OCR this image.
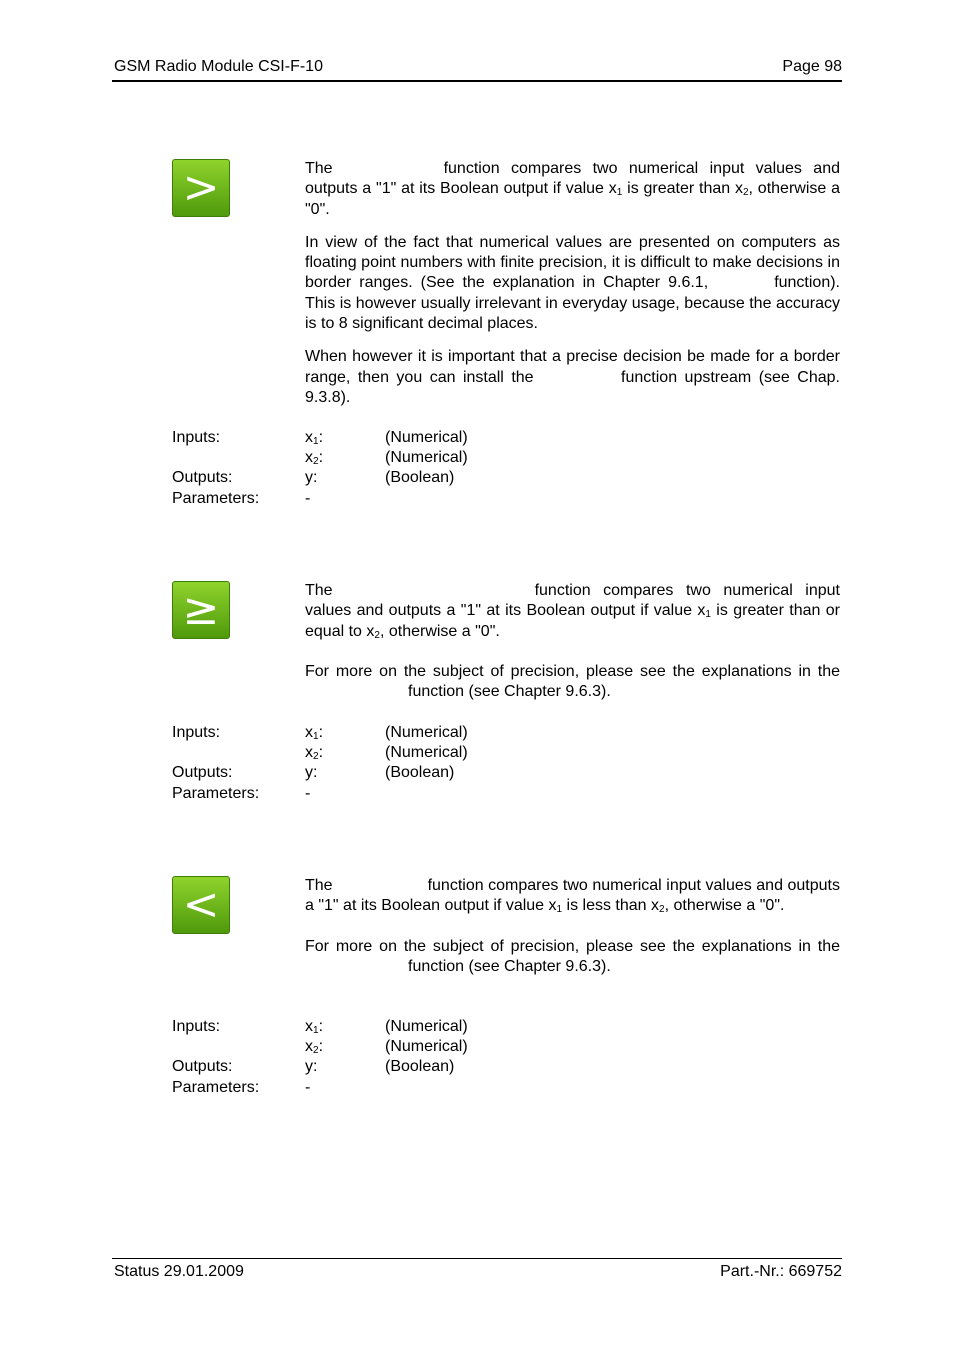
GSM Radio Module CSI-F-10	Page 98
>	The	function compares two numerical input values and outputs a "1" at its Boolean output if value $x_1$ is greater than $x_2$, otherwise a "0".

In view of the fact that numerical values are presented on computers as floating point numbers with finite precision, it is difficult to make decisions in border ranges. (See the explanation in Chapter 9.6.1,	function). This is however usually irrelevant in everyday usage, because the accuracy is to 8 significant decimal places.

When however it is important that a precise decision be made for a border range, then you can install the	function upstream (see Chap. 9.3.8).

Inputs:	$x_1$:	(Numerical)
$x_2$:	(Numerical)
Outputs:	y:	(Boolean)
Parameters:	-
≥	The	function compares two numerical input values and outputs a "1" at its Boolean output if value $x_1$ is greater than or equal to $x_2$, otherwise a "0".

For more on the subject of precision, please see the explanations in the function (see Chapter 9.6.3).

Inputs:	$x_1$:	(Numerical)
$x_2$:	(Numerical)
Outputs:	y:	(Boolean)
Parameters:	-
<	The	function compares two numerical input values and outputs a "1" at its Boolean output if value $x_1$ is less than $x_2$, otherwise a "0".

For more on the subject of precision, please see the explanations in the function (see Chapter 9.6.3).

Inputs:	$x_1$:	(Numerical)
$x_2$:	(Numerical)
Outputs:	y:	(Boolean)
Parameters:	-
Status 29.01.2009	Part.-Nr.: 669752
